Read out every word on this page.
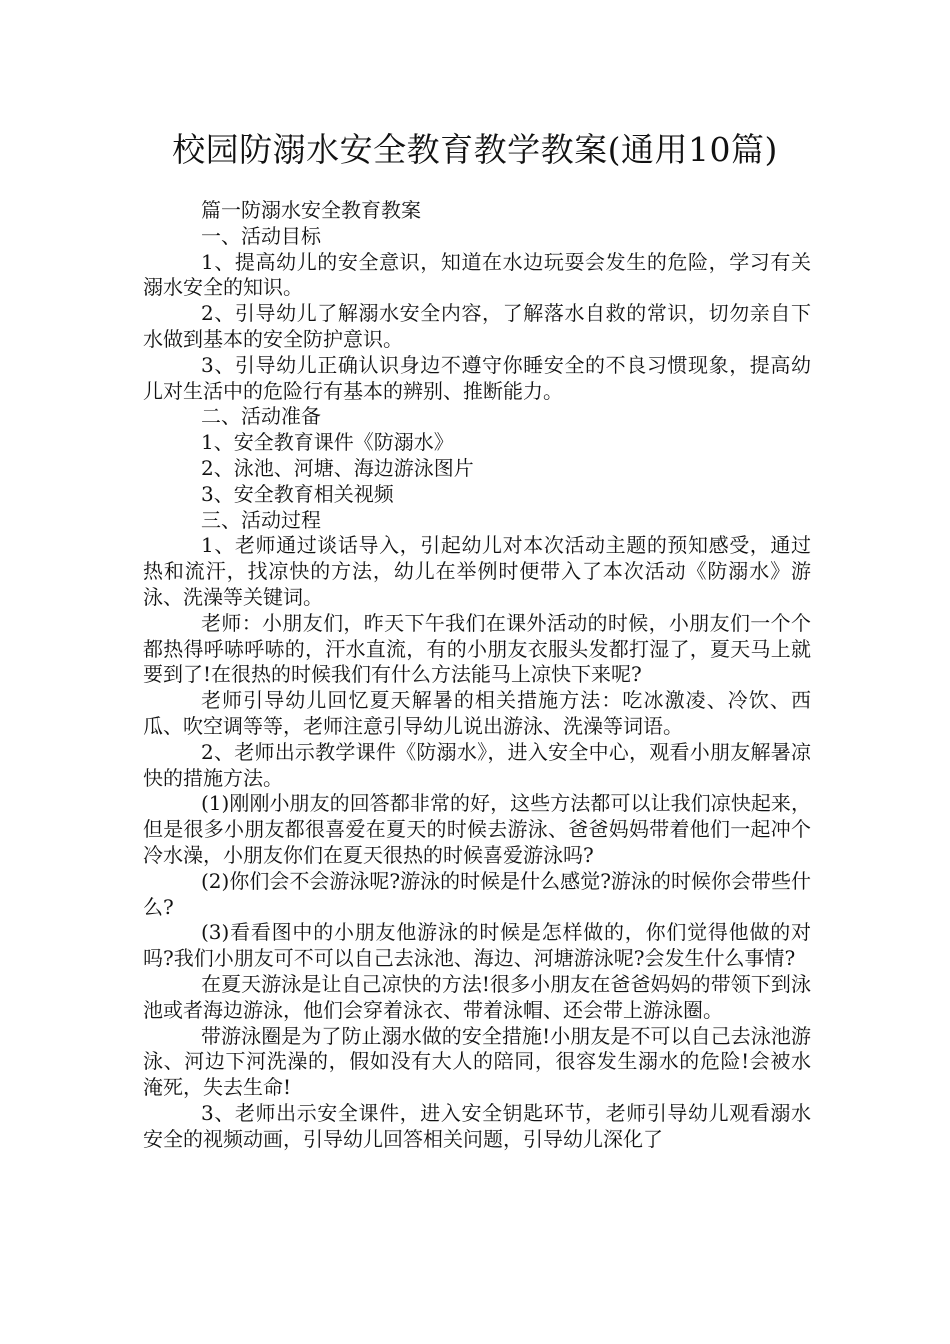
校园防溺水安全教育教学教案(通用10篇)

篇一防溺水安全教育教案

一、活动目标

1、提高幼儿的安全意识，知道在水边玩耍会发生的危险，学习有关溺水安全的知识。

2、引导幼儿了解溺水安全内容，了解落水自救的常识，切勿亲自下水做到基本的安全防护意识。

3、引导幼儿正确认识身边不遵守你睡安全的不良习惯现象，提高幼儿对生活中的危险行有基本的辨别、推断能力。

二、活动准备

1、安全教育课件《防溺水》

2、泳池、河塘、海边游泳图片

3、安全教育相关视频

三、活动过程

1、老师通过谈话导入，引起幼儿对本次活动主题的预知感受，通过热和流汗，找凉快的方法，幼儿在举例时便带入了本次活动《防溺水》游泳、洗澡等关键词。

老师：小朋友们，昨天下午我们在课外活动的时候，小朋友们一个个都热得呼哧呼哧的，汗水直流，有的小朋友衣服头发都打湿了，夏天马上就要到了!在很热的时候我们有什么方法能马上凉快下来呢?

老师引导幼儿回忆夏天解暑的相关措施方法：吃冰激凌、冷饮、西瓜、吹空调等等，老师注意引导幼儿说出游泳、洗澡等词语。

2、老师出示教学课件《防溺水》，进入安全中心，观看小朋友解暑凉快的措施方法。

(1)刚刚小朋友的回答都非常的好，这些方法都可以让我们凉快起来，但是很多小朋友都很喜爱在夏天的时候去游泳、爸爸妈妈带着他们一起冲个冷水澡，小朋友你们在夏天很热的时候喜爱游泳吗?

(2)你们会不会游泳呢?游泳的时候是什么感觉?游泳的时候你会带些什么?

(3)看看图中的小朋友他游泳的时候是怎样做的，你们觉得他做的对吗?我们小朋友可不可以自己去泳池、海边、河塘游泳呢?会发生什么事情?

在夏天游泳是让自己凉快的方法!很多小朋友在爸爸妈妈的带领下到泳池或者海边游泳，他们会穿着泳衣、带着泳帽、还会带上游泳圈。

带游泳圈是为了防止溺水做的安全措施!小朋友是不可以自己去泳池游泳、河边下河洗澡的，假如没有大人的陪同，很容发生溺水的危险!会被水淹死，失去生命!

3、老师出示安全课件，进入安全钥匙环节，老师引导幼儿观看溺水安全的视频动画，引导幼儿回答相关问题，引导幼儿深化了
